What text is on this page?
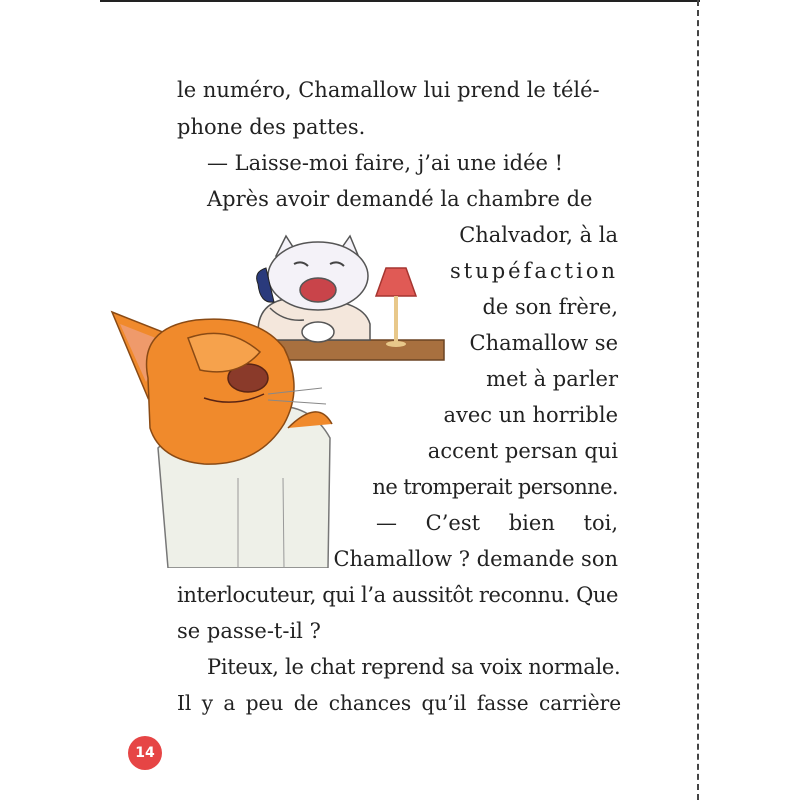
le numéro, Chamallow lui prend le télé-
phone des pattes.
— Laisse-moi faire, j’ai une idée !
Après avoir demandé la chambre de
Chalvador, à la
stupéfaction
de son frère,
Chamallow se
met à parler
avec un horrible
accent persan qui
ne tromperait personne.
— C’est bien toi,
Chamallow ? demande son
interlocuteur, qui l’a aussitôt reconnu. Que
se passe-t-il ?
Piteux, le chat reprend sa voix normale.
Il y a peu de chances qu’il fasse carrière
14
